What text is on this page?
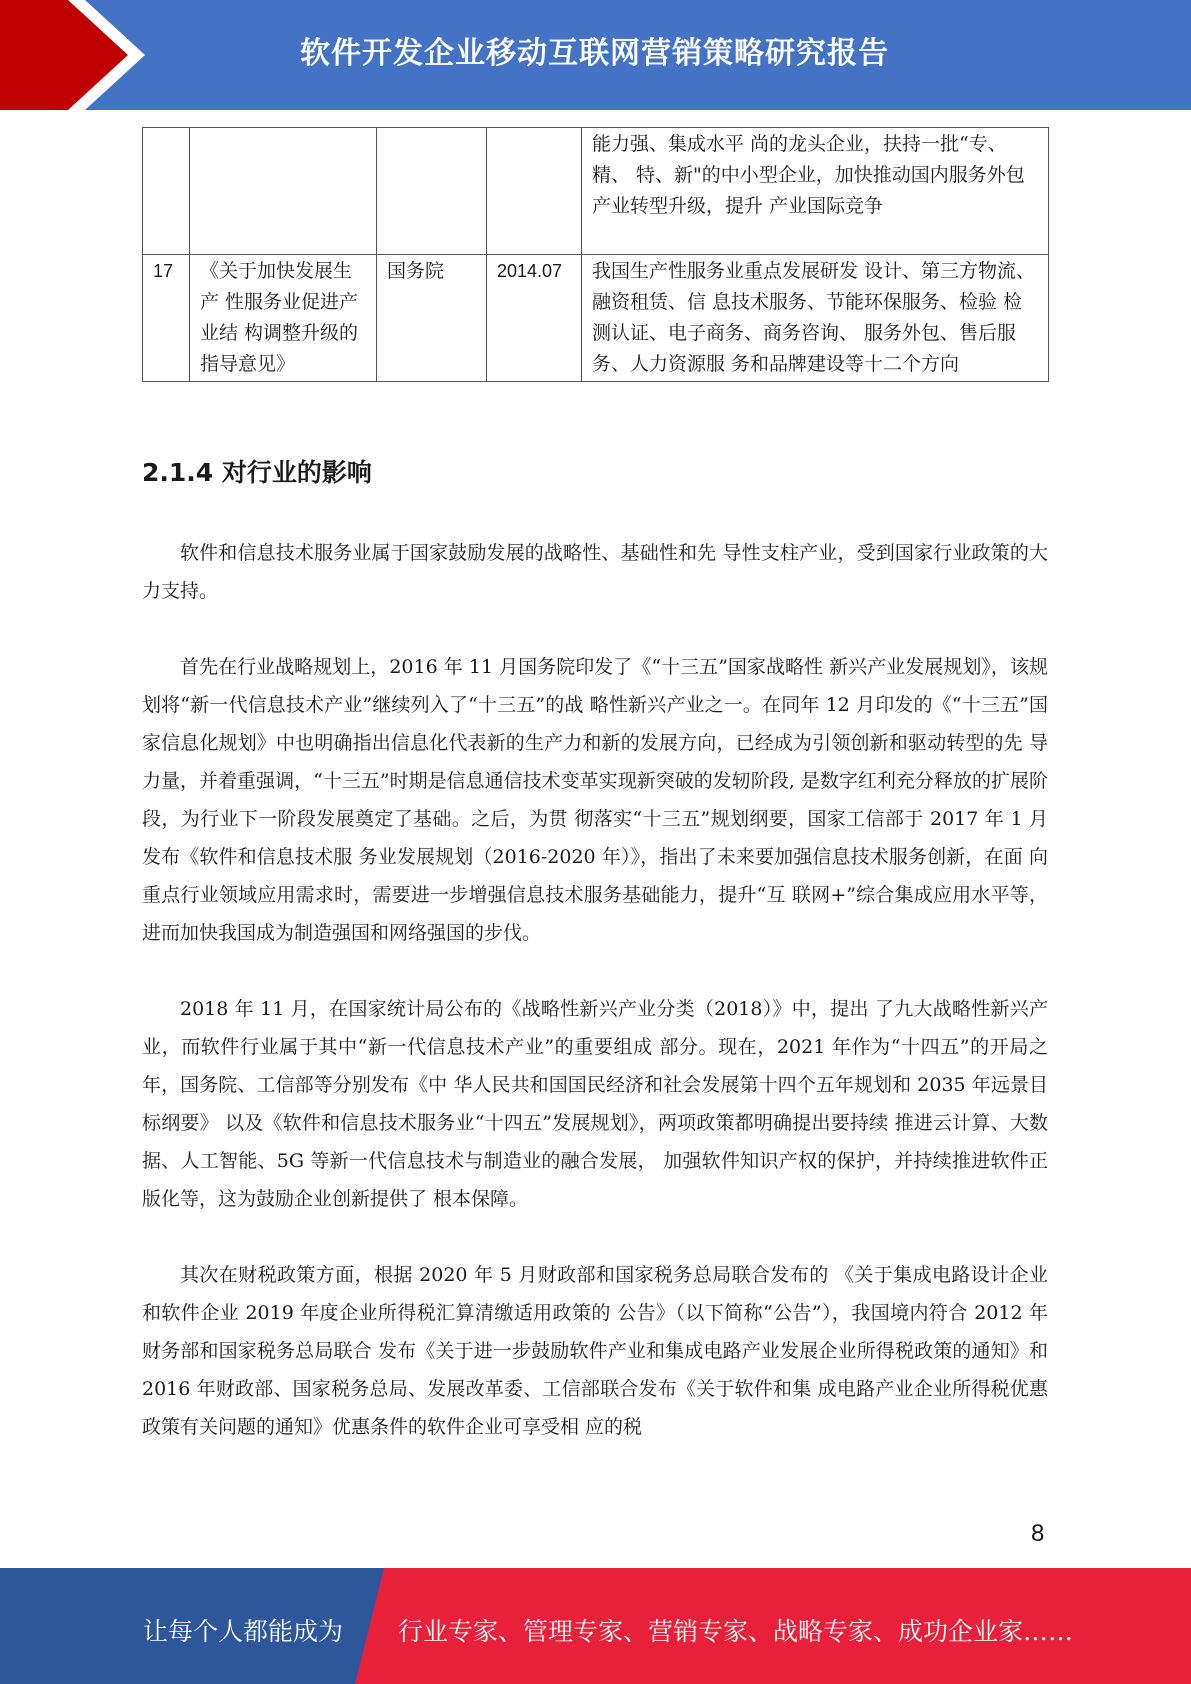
软件开发企业移动互联网营销策略研究报告
				能力强、集成水平 尚的龙头企业，扶持一批“专、精、 特、新"的中小型企业，加快推动国内服务外包产业转型升级，提升 产业国际竞争
17	《关于加快发展生产 性服务业促进产业结 构调整升级的指导意见》	国务院	2014.07	我国生产性服务业重点发展研发 设计、第三方物流、融资租赁、信 息技术服务、节能环保服务、检验 检测认证、电子商务、商务咨询、 服务外包、售后服务、人力资源服 务和品牌建设等十二个方向
2.1.4 对行业的影响

软件和信息技术服务业属于国家鼓励发展的战略性、基础性和先 导性支柱产业，受到国家行业政策的大力支持。

首先在行业战略规划上，2016 年 11 月国务院印发了《“十三五”国家战略性 新兴产业发展规划》，该规划将“新一代信息技术产业”继续列入了“十三五”的战 略性新兴产业之一。在同年 12 月印发的《“十三五”国家信息化规划》中也明确指出信息化代表新的生产力和新的发展方向，已经成为引领创新和驱动转型的先 导力量，并着重强调，“十三五”时期是信息通信技术变革实现新突破的发轫阶段, 是数字红利充分释放的扩展阶段，为行业下一阶段发展奠定了基础。之后，为贯 彻落实“十三五”规划纲要，国家工信部于 2017 年 1 月发布《软件和信息技术服 务业发展规划（2016-2020 年）》，指出了未来要加强信息技术服务创新，在面 向重点行业领域应用需求时，需要进一步增强信息技术服务基础能力，提升“互 联网+”综合集成应用水平等，进而加快我国成为制造强国和网络强国的步伐。

2018 年 11 月，在国家统计局公布的《战略性新兴产业分类（2018）》中，提出 了九大战略性新兴产业，而软件行业属于其中“新一代信息技术产业”的重要组成 部分。现在，2021 年作为“十四五”的开局之年，国务院、工信部等分别发布《中 华人民共和国国民经济和社会发展第十四个五年规划和 2035 年远景目标纲要》 以及《软件和信息技术服务业“十四五”发展规划》，两项政策都明确提出要持续 推进云计算、大数据、人工智能、5G 等新一代信息技术与制造业的融合发展， 加强软件知识产权的保护，并持续推进软件正版化等，这为鼓励企业创新提供了 根本保障。

其次在财税政策方面，根据 2020 年 5 月财政部和国家税务总局联合发布的 《关于集成电路设计企业和软件企业 2019 年度企业所得税汇算清缴适用政策的 公告》（以下简称“公告”），我国境内符合 2012 年财务部和国家税务总局联合 发布《关于进一步鼓励软件产业和集成电路产业发展企业所得税政策的通知》和 2016 年财政部、国家税务总局、发展改革委、工信部联合发布《关于软件和集 成电路产业企业所得税优惠政策有关问题的通知》优惠条件的软件企业可享受相 应的税

8
让每个人都能成为 行业专家、管理专家、营销专家、战略专家、成功企业家……
